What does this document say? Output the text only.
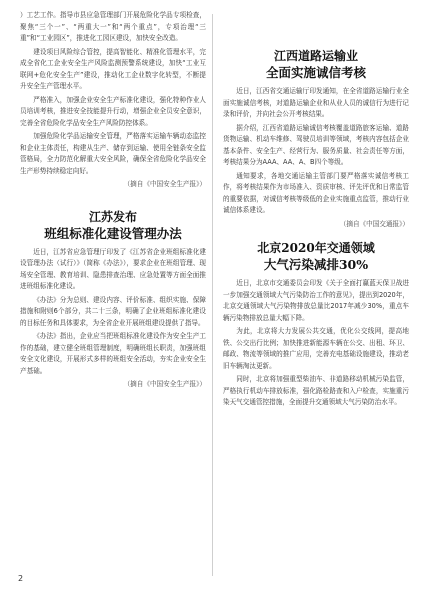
）工艺工作。指导市县应急管理部门开展危险化学品专项检查，聚焦“三个一”、“两重大一”和“两个重点”，专项治理“三重”和“工业园区”，推进化工园区建设，加快安全改造。

建设项目风险综合管控，提高智能化、精准化管理水平，完成全省化工企业安全生产风险监测预警系统建设，加快“工业互联网+危化安全生产”建设，推动化工企业数字化转型，不断提升安全生产管理水平。

严格准入，加强企业安全生产标准化建设，强化特种作业人员培训考核，推进安全技能提升行动，增强企业全员安全意识，完善全省危险化学品安全生产风险防控体系。

加强危险化学品运输安全管理，严格落实运输车辆动态监控和企业主体责任，构建从生产、储存到运输、使用全链条安全监管格局，全力防范化解重大安全风险，确保全省危险化学品安全生产形势持续稳定向好。

（摘自《中国安全生产报》）
江苏发布
班组标准化建设管理办法

近日，江苏省应急管理厅印发了《江苏省企业班组标准化建设管理办法（试行）》（简称《办法》），要求企业在班组管理、现场安全管理、教育培训、隐患排查治理、应急处置等方面全面推进班组标准化建设。

《办法》分为总则、建设内容、评价标准、组织实施、保障措施和附则6个部分，共二十三条，明确了企业班组标准化建设的目标任务和具体要求，为全省企业开展班组建设提供了指导。

《办法》指出，企业应当把班组标准化建设作为安全生产工作的基础，建立健全班组管理制度，明确班组长职责，加强班组安全文化建设，开展形式多样的班组安全活动，夯实企业安全生产基础。

（摘自《中国安全生产报》）
江西道路运输业
全面实施诚信考核

近日，江西省交通运输厅印发通知，在全省道路运输行业全面实施诚信考核，对道路运输企业和从业人员的诚信行为进行记录和评价，并向社会公开考核结果。

据介绍，江西省道路运输诚信考核覆盖道路旅客运输、道路货物运输、机动车维修、驾驶员培训等领域，考核内容包括企业基本条件、安全生产、经营行为、服务质量、社会责任等方面，考核结果分为AAA、AA、A、B四个等级。

通知要求，各地交通运输主管部门要严格落实诚信考核工作，将考核结果作为市场准入、资质审核、评先评优和日常监管的重要依据，对诚信考核等级低的企业实施重点监管，推动行业诚信体系建设。

（摘自《中国交通报》）
北京2020年交通领域
大气污染减排30%

近日，北京市交通委员会印发《关于全面打赢蓝天保卫战进一步加强交通领域大气污染防治工作的意见》，提出到2020年，北京交通领域大气污染物排放总量比2017年减少30%，重点车辆污染物排放总量大幅下降。

为此，北京将大力发展公共交通，优化公交线网，提高地铁、公交出行比例；加快推进新能源车辆在公交、出租、环卫、邮政、物流等领域的推广应用，完善充电基础设施建设，推动老旧车辆淘汰更新。

同时，北京将加强重型柴油车、非道路移动机械污染监管，严格执行机动车排放标准，强化路检路查和入户检查，实施重污染天气交通管控措施，全面提升交通领域大气污染防治水平。

2
